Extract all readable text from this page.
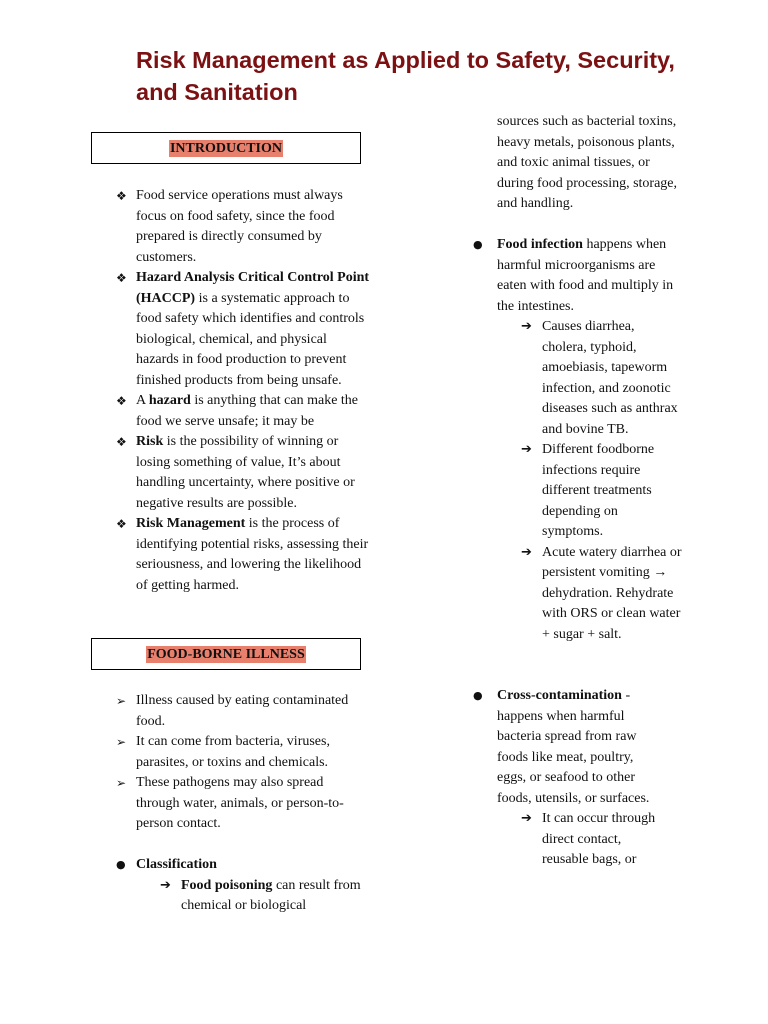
Risk Management as Applied to Safety, Security, and Sanitation
INTRODUCTION
❖ Food service operations must always focus on food safety, since the food prepared is directly consumed by customers.
❖ Hazard Analysis Critical Control Point (HACCP) is a systematic approach to food safety which identifies and controls biological, chemical, and physical hazards in food production to prevent finished products from being unsafe.
❖ A hazard is anything that can make the food we serve unsafe; it may be
❖ Risk is the possibility of winning or losing something of value, It’s about handling uncertainty, where positive or negative results are possible.
❖ Risk Management is the process of identifying potential risks, assessing their seriousness, and lowering the likelihood of getting harmed.
FOOD-BORNE ILLNESS
➢ Illness caused by eating contaminated food.
➢ It can come from bacteria, viruses, parasites, or toxins and chemicals.
➢ These pathogens may also spread through water, animals, or person-to-person contact.
● Classification
➔ Food poisoning can result from chemical or biological
sources such as bacterial toxins, heavy metals, poisonous plants, and toxic animal tissues, or during food processing, storage, and handling.
● Food infection happens when harmful microorganisms are eaten with food and multiply in the intestines.
➔ Causes diarrhea, cholera, typhoid, amoebiasis, tapeworm infection, and zoonotic diseases such as anthrax and bovine TB.
➔ Different foodborne infections require different treatments depending on symptoms.
➔ Acute watery diarrhea or persistent vomiting → dehydration. Rehydrate with ORS or clean water + sugar + salt.
● Cross-contamination - happens when harmful bacteria spread from raw foods like meat, poultry, eggs, or seafood to other foods, utensils, or surfaces.
➔ It can occur through direct contact, reusable bags, or
